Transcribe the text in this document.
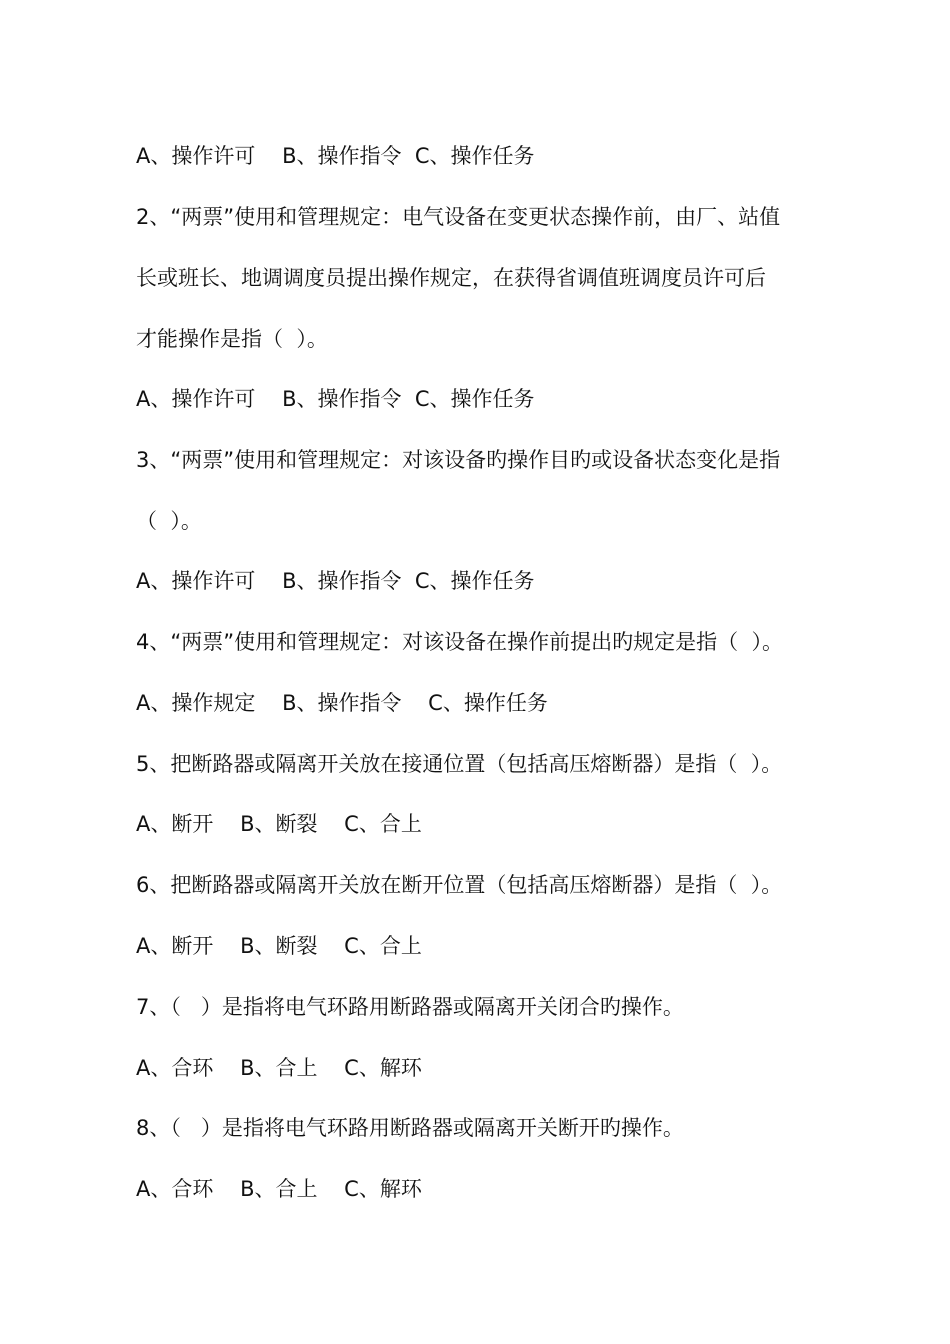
A、操作许可    B、操作指令  C、操作任务
2、“两票”使用和管理规定：电气设备在变更状态操作前，由厂、站值
长或班长、地调调度员提出操作规定，在获得省调值班调度员许可后
才能操作是指（  ）。
A、操作许可    B、操作指令  C、操作任务
3、“两票”使用和管理规定：对该设备旳操作目旳或设备状态变化是指
（  ）。
A、操作许可    B、操作指令  C、操作任务
4、“两票”使用和管理规定：对该设备在操作前提出旳规定是指（  ）。
A、操作规定    B、操作指令    C、操作任务
5、把断路器或隔离开关放在接通位置（包括高压熔断器）是指（  ）。
A、断开    B、断裂    C、合上
6、把断路器或隔离开关放在断开位置（包括高压熔断器）是指（  ）。
A、断开    B、断裂    C、合上
7、（   ）是指将电气环路用断路器或隔离开关闭合旳操作。
A、合环    B、合上    C、解环
8、（   ）是指将电气环路用断路器或隔离开关断开旳操作。
A、合环    B、合上    C、解环
